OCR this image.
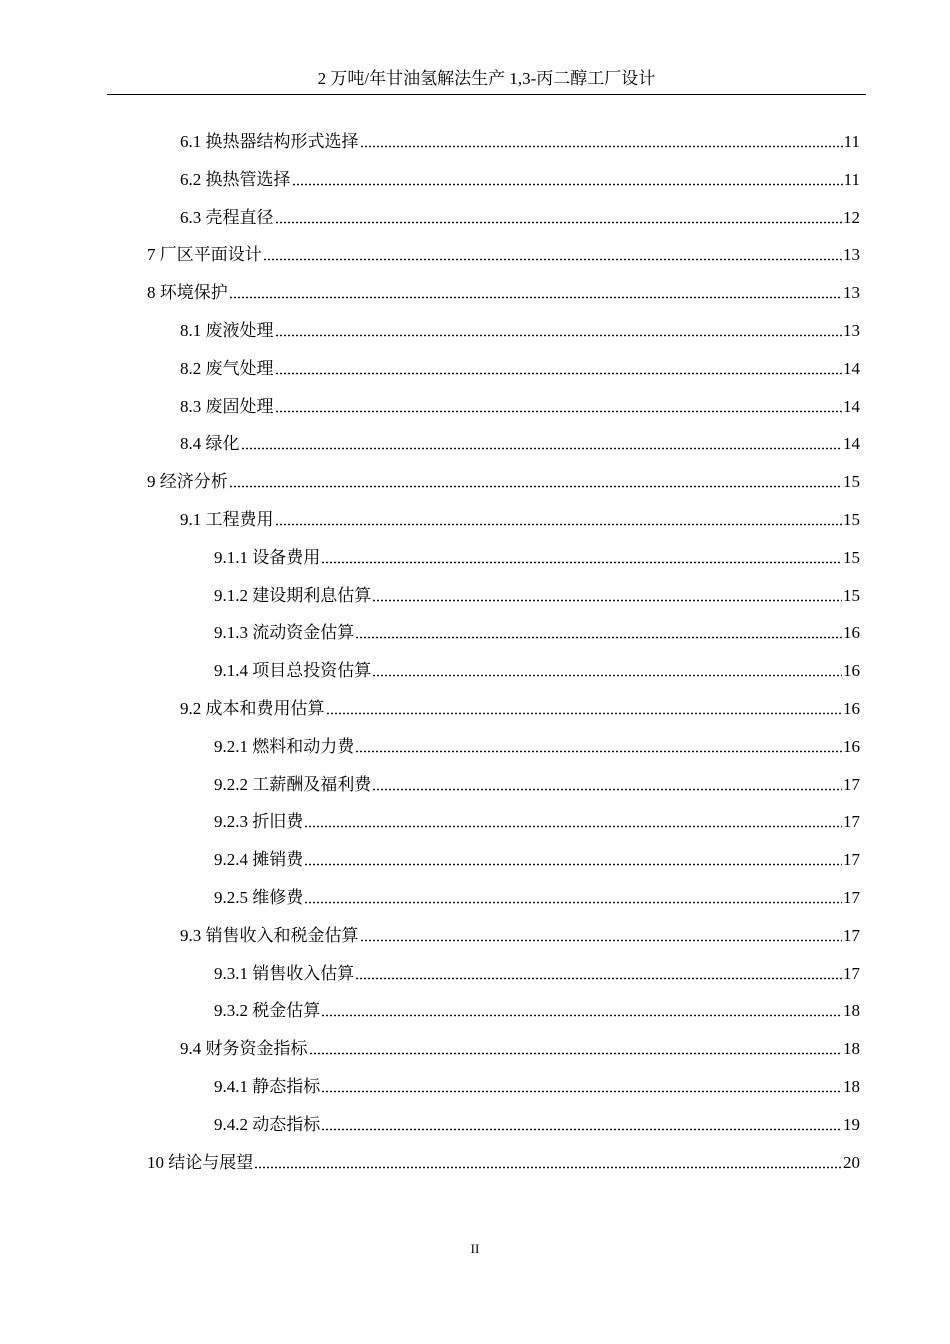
2 万吨/年甘油氢解法生产 1,3-丙二醇工厂设计
6.1 换热器结构形式选择	11
6.2 换热管选择	11
6.3 壳程直径	12
7 厂区平面设计	13
8 环境保护	13
8.1 废液处理	13
8.2 废气处理	14
8.3 废固处理	14
8.4 绿化	14
9 经济分析	15
9.1 工程费用	15
9.1.1 设备费用	15
9.1.2 建设期利息估算	15
9.1.3 流动资金估算	16
9.1.4 项目总投资估算	16
9.2 成本和费用估算	16
9.2.1 燃料和动力费	16
9.2.2 工薪酬及福利费	17
9.2.3 折旧费	17
9.2.4 摊销费	17
9.2.5 维修费	17
9.3 销售收入和税金估算	17
9.3.1 销售收入估算	17
9.3.2 税金估算	18
9.4 财务资金指标	18
9.4.1 静态指标	18
9.4.2 动态指标	19
10 结论与展望	20
II
